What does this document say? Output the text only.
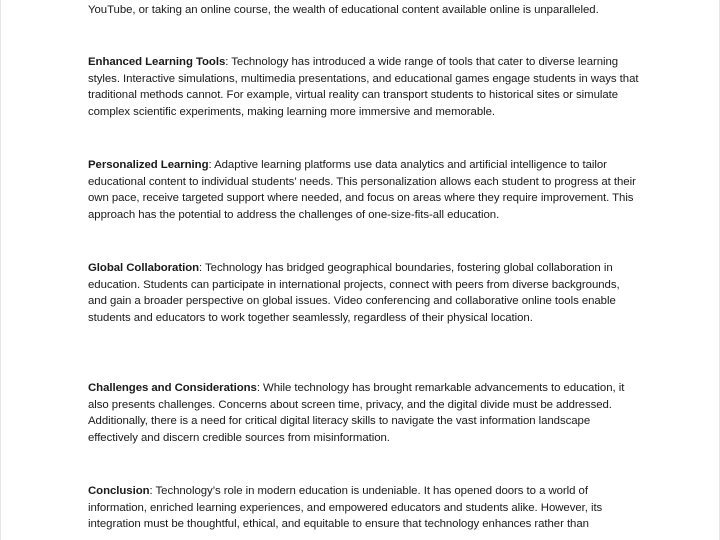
YouTube, or taking an online course, the wealth of educational content available online is unparalleled.

Enhanced Learning Tools: Technology has introduced a wide range of tools that cater to diverse learning styles. Interactive simulations, multimedia presentations, and educational games engage students in ways that traditional methods cannot. For example, virtual reality can transport students to historical sites or simulate complex scientific experiments, making learning more immersive and memorable.

Personalized Learning: Adaptive learning platforms use data analytics and artificial intelligence to tailor educational content to individual students’ needs. This personalization allows each student to progress at their own pace, receive targeted support where needed, and focus on areas where they require improvement. This approach has the potential to address the challenges of one-size-fits-all education.

Global Collaboration: Technology has bridged geographical boundaries, fostering global collaboration in education. Students can participate in international projects, connect with peers from diverse backgrounds, and gain a broader perspective on global issues. Video conferencing and collaborative online tools enable students and educators to work together seamlessly, regardless of their physical location.

Challenges and Considerations: While technology has brought remarkable advancements to education, it also presents challenges. Concerns about screen time, privacy, and the digital divide must be addressed. Additionally, there is a need for critical digital literacy skills to navigate the vast information landscape effectively and discern credible sources from misinformation.

Conclusion: Technology’s role in modern education is undeniable. It has opened doors to a world of information, enriched learning experiences, and empowered educators and students alike. However, its integration must be thoughtful, ethical, and equitable to ensure that technology enhances rather than
